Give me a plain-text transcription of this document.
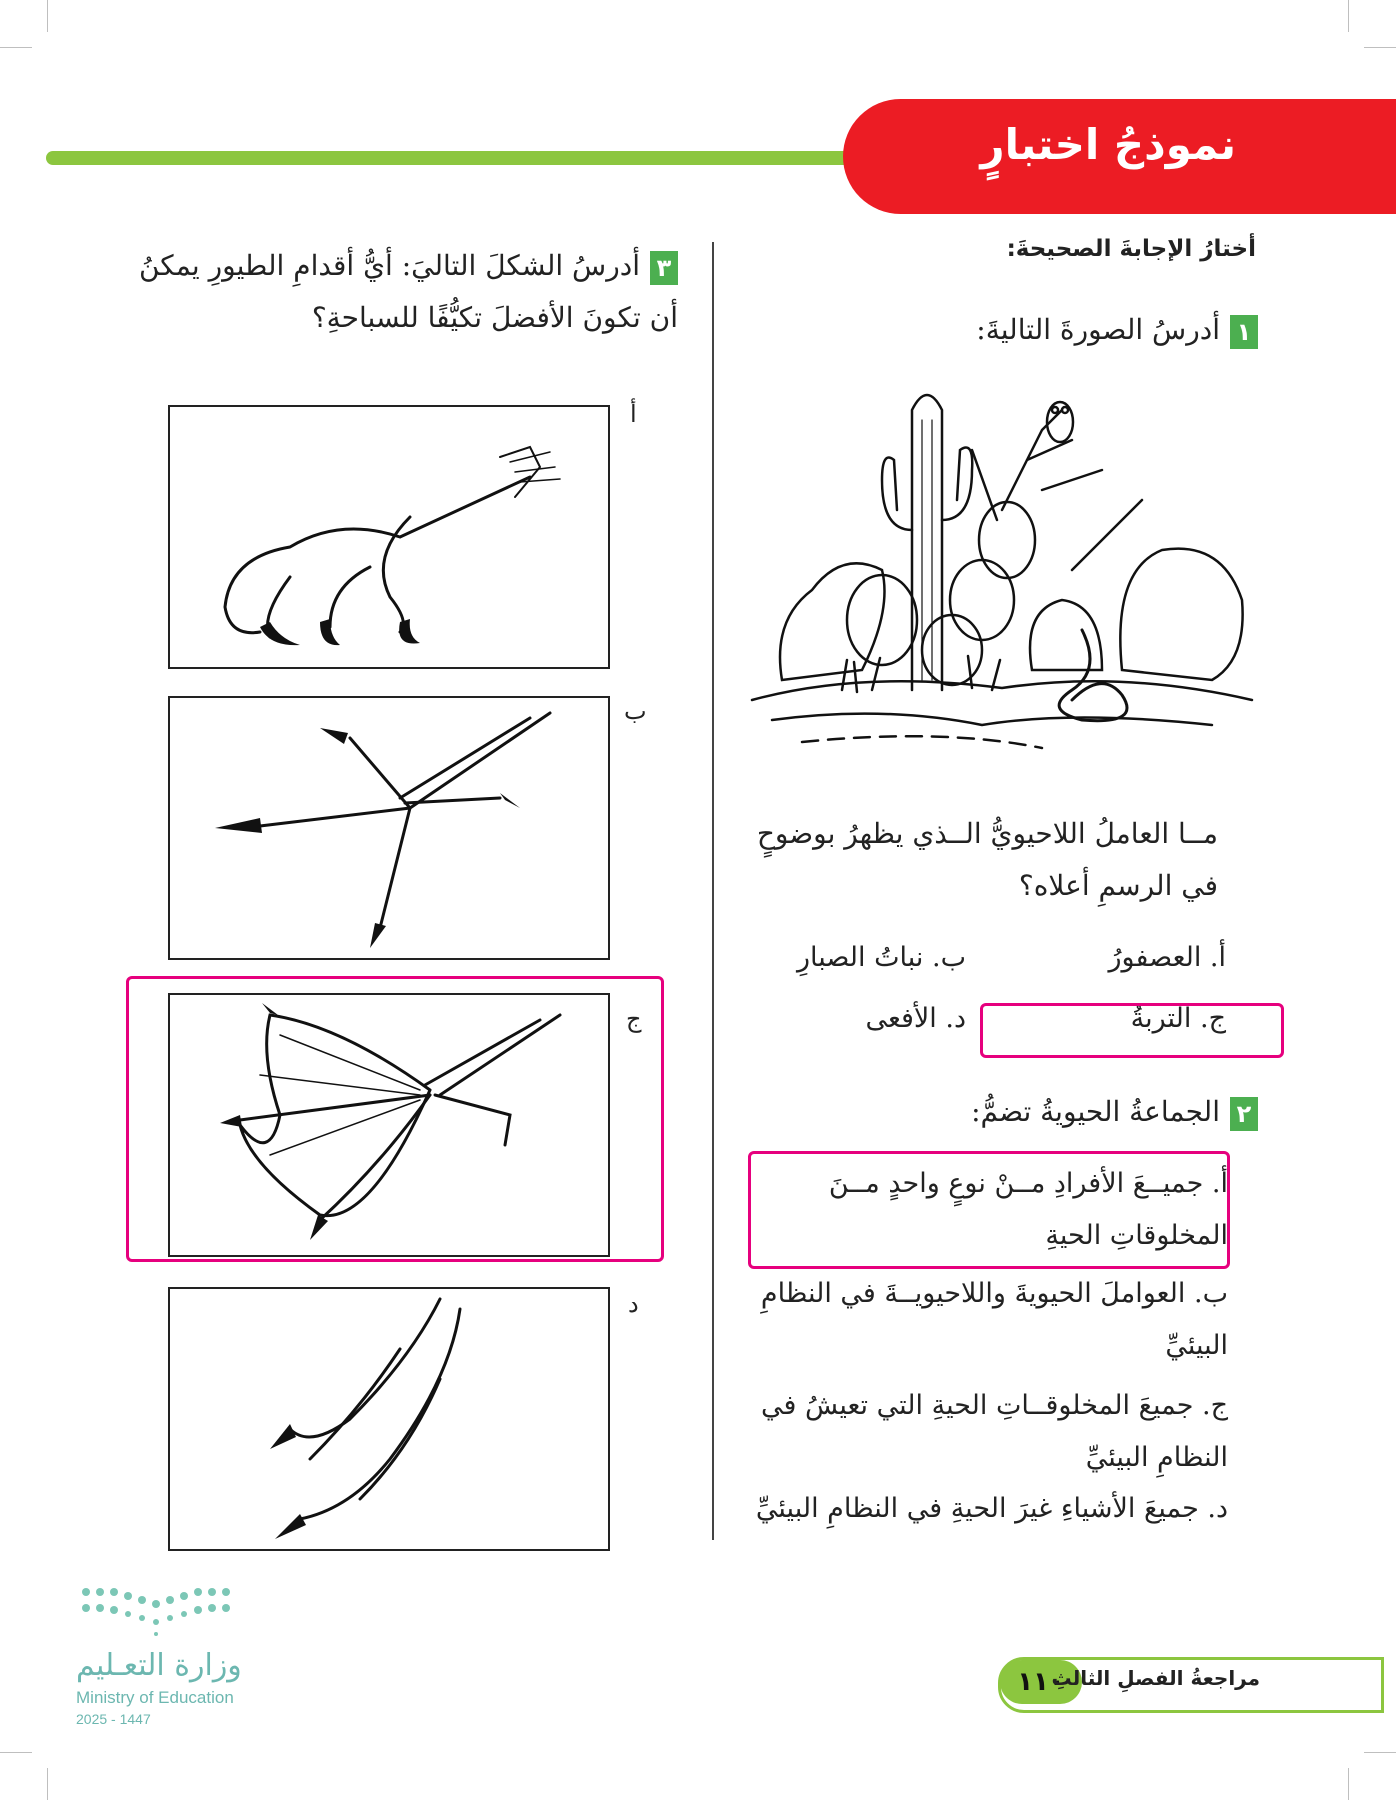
نموذجُ اختبارٍ
أختارُ الإجابةَ الصحيحةَ:
١أدرسُ الصورةَ التاليةَ:
مــا العاملُ اللاحيويُّ الــذي يظهرُ بوضوحٍ في الرسمِ أعلاه؟
أ. العصفورُ
ب. نباتُ الصبارِ
ج. التربةُ
د. الأفعى
٢الجماعةُ الحيويةُ تضمُّ:
أ. جميــعَ الأفرادِ مــنْ نوعٍ واحدٍ مــنَ المخلوقاتِ الحيةِ
ب. العواملَ الحيويةَ واللاحيويــةَ في النظامِ البيئيِّ
ج. جميعَ المخلوقــاتِ الحيةِ التي تعيشُ في النظامِ البيئيِّ
د. جميعَ الأشياءِ غيرَ الحيةِ في النظامِ البيئيِّ
٣أدرسُ الشكلَ التاليَ: أيُّ أقدامِ الطيورِ يمكنُ أن تكونَ الأفضلَ تكيُّفًا للسباحةِ؟
أ
ب
ج
د
وزارة التعـليم
Ministry of Education
2025 - 1447
١١٠
مراجعةُ الفصلِ الثالثِ
